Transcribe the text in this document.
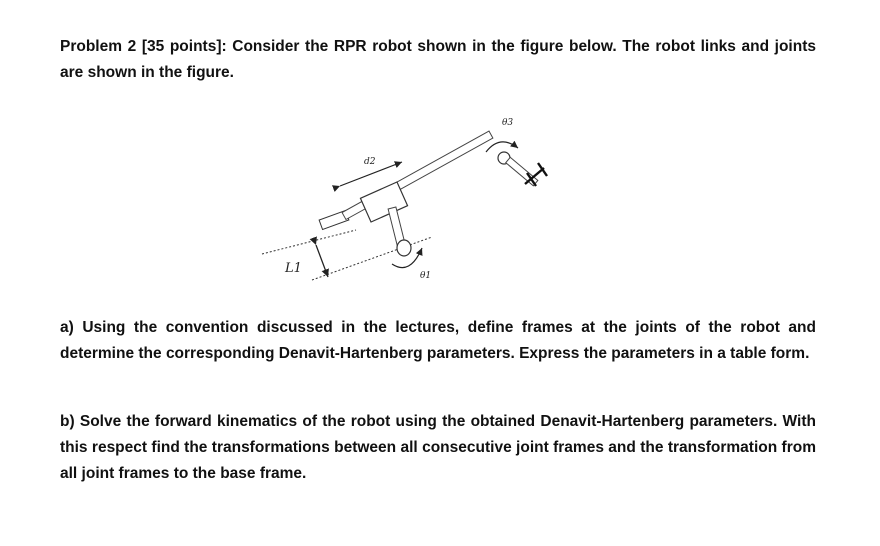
Problem 2 [35 points]: Consider the RPR robot shown in the figure below. The robot links and joints are shown in the figure.

L1	θ1
d2
θ3

a) Using the convention discussed in the lectures, define frames at the joints of the robot and determine the corresponding Denavit-Hartenberg parameters. Express the parameters in a table form.

b) Solve the forward kinematics of the robot using the obtained Denavit-Hartenberg parameters. With this respect find the transformations between all consecutive joint frames and the transformation from all joint frames to the base frame.
